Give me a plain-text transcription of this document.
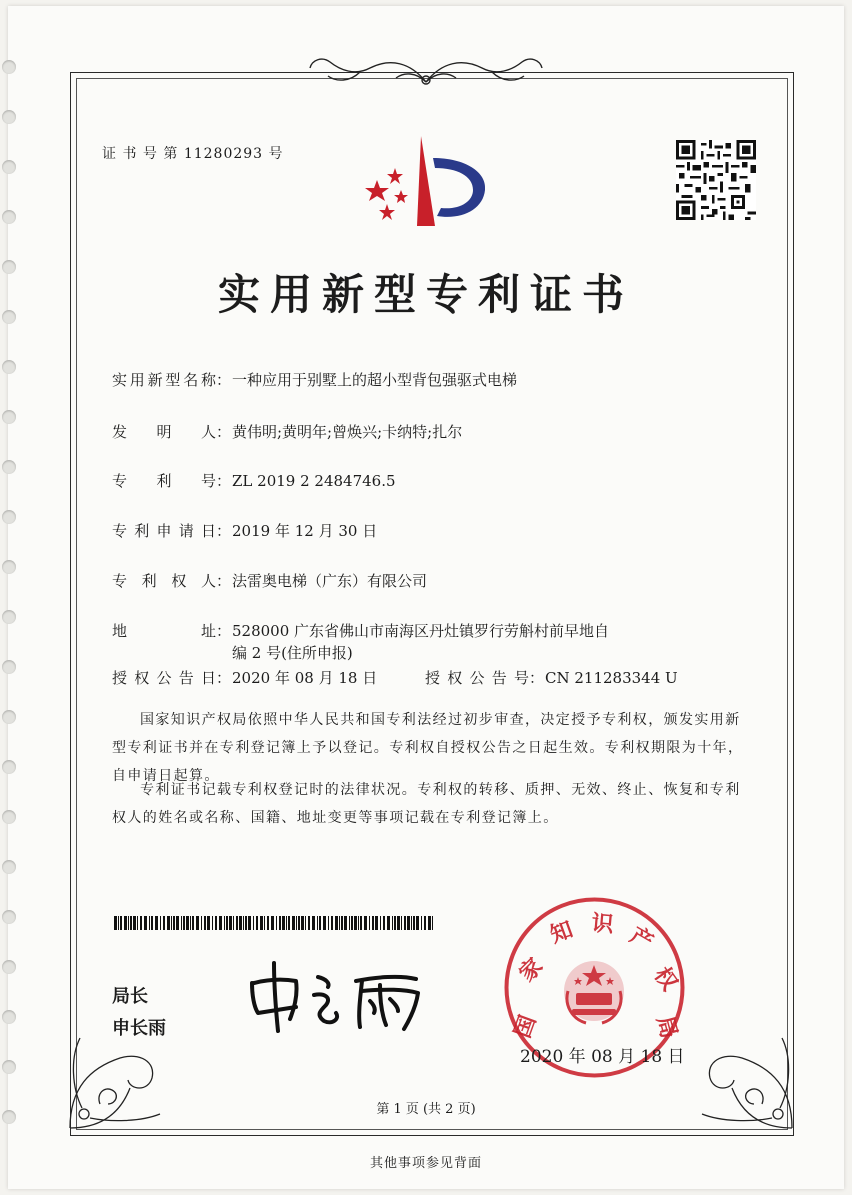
证 书 号 第 11280293 号
实用新型专利证书
实用新型名称：一种应用于别墅上的超小型背包强驱式电梯
发明人：黄伟明;黄明年;曾焕兴;卡纳特;扎尔
专利号：ZL 2019 2 2484746.5
专利申请日：2019 年 12 月 30 日
专利权人：法雷奥电梯（广东）有限公司
地址：528000 广东省佛山市南海区丹灶镇罗行劳斛村前早地自
编 2 号(住所申报)
授权公告日：2020 年 08 月 18 日	授权公告号：CN 211283344 U
国家知识产权局依照中华人民共和国专利法经过初步审查，决定授予专利权，颁发实用新型专利证书并在专利登记簿上予以登记。专利权自授权公告之日起生效。专利权期限为十年，自申请日起算。
专利证书记载专利权登记时的法律状况。专利权的转移、质押、无效、终止、恢复和专利权人的姓名或名称、国籍、地址变更等事项记载在专利登记簿上。
局长
申长雨	国
家
知 识 产
权
局
2020 年 08 月 18 日
第 1 页 (共 2 页)
其他事项参见背面
